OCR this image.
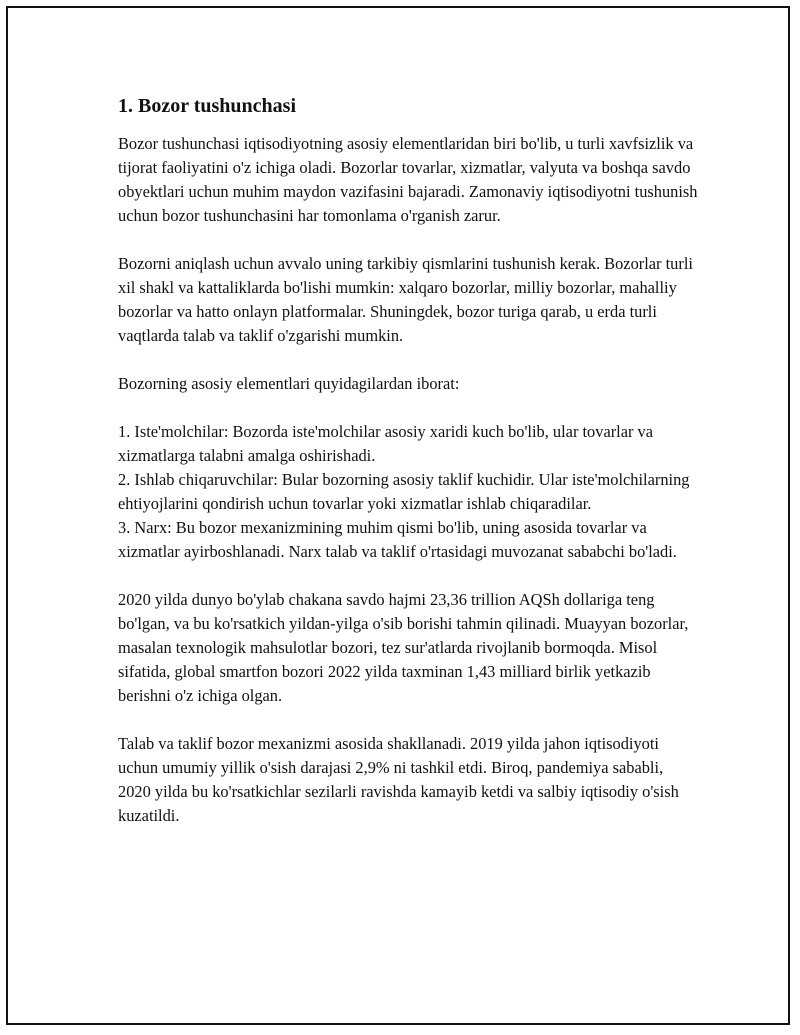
1. Bozor tushunchasi

Bozor tushunchasi iqtisodiyotning asosiy elementlaridan biri bo'lib, u turli xavfsizlik va tijorat faoliyatini o'z ichiga oladi. Bozorlar tovarlar, xizmatlar, valyuta va boshqa savdo obyektlari uchun muhim maydon vazifasini bajaradi. Zamonaviy iqtisodiyotni tushunish uchun bozor tushunchasini har tomonlama o'rganish zarur.

Bozorni aniqlash uchun avvalo uning tarkibiy qismlarini tushunish kerak. Bozorlar turli xil shakl va kattaliklarda bo'lishi mumkin: xalqaro bozorlar, milliy bozorlar, mahalliy bozorlar va hatto onlayn platformalar. Shuningdek, bozor turiga qarab, u erda turli vaqtlarda talab va taklif o'zgarishi mumkin.

Bozorning asosiy elementlari quyidagilardan iborat:

1. Iste'molchilar: Bozorda iste'molchilar asosiy xaridi kuch bo'lib, ular tovarlar va xizmatlarga talabni amalga oshirishadi.

2. Ishlab chiqaruvchilar: Bular bozorning asosiy taklif kuchidir. Ular iste'molchilarning ehtiyojlarini qondirish uchun tovarlar yoki xizmatlar ishlab chiqaradilar.

3. Narx: Bu bozor mexanizmining muhim qismi bo'lib, uning asosida tovarlar va xizmatlar ayirboshlanadi. Narx talab va taklif o'rtasidagi muvozanat sababchi bo'ladi.

2020 yilda dunyo bo'ylab chakana savdo hajmi 23,36 trillion AQSh dollariga teng bo'lgan, va bu ko'rsatkich yildan-yilga o'sib borishi tahmin qilinadi. Muayyan bozorlar, masalan texnologik mahsulotlar bozori, tez sur'atlarda rivojlanib bormoqda. Misol sifatida, global smartfon bozori 2022 yilda taxminan 1,43 milliard birlik yetkazib berishni o'z ichiga olgan.

Talab va taklif bozor mexanizmi asosida shakllanadi. 2019 yilda jahon iqtisodiyoti uchun umumiy yillik o'sish darajasi 2,9% ni tashkil etdi. Biroq, pandemiya sababli, 2020 yilda bu ko'rsatkichlar sezilarli ravishda kamayib ketdi va salbiy iqtisodiy o'sish kuzatildi.
